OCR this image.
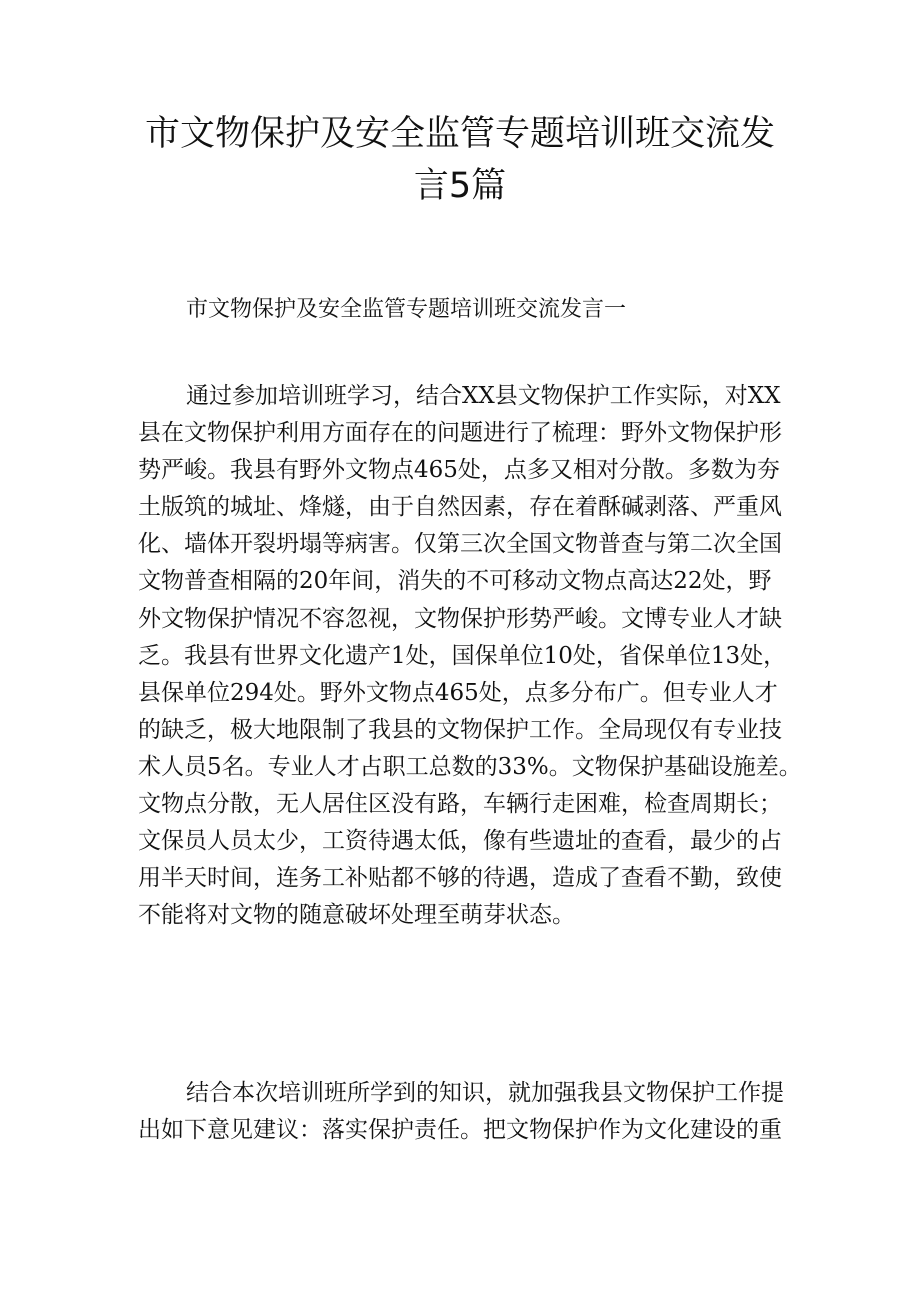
市文物保护及安全监管专题培训班交流发
言5篇
市文物保护及安全监管专题培训班交流发言一
通过参加培训班学习，结合XX县文物保护工作实际，对XX
县在文物保护利用方面存在的问题进行了梳理：野外文物保护形
势严峻。我县有野外文物点465处，点多又相对分散。多数为夯
土版筑的城址、烽燧，由于自然因素，存在着酥碱剥落、严重风
化、墙体开裂坍塌等病害。仅第三次全国文物普查与第二次全国
文物普查相隔的20年间，消失的不可移动文物点高达22处，野
外文物保护情况不容忽视，文物保护形势严峻。文博专业人才缺
乏。我县有世界文化遗产1处，国保单位10处，省保单位13处，
县保单位294处。野外文物点465处，点多分布广。但专业人才
的缺乏，极大地限制了我县的文物保护工作。全局现仅有专业技
术人员5名。专业人才占职工总数的33%。文物保护基础设施差。
文物点分散，无人居住区没有路，车辆行走困难，检查周期长；
文保员人员太少，工资待遇太低，像有些遗址的查看，最少的占
用半天时间，连务工补贴都不够的待遇，造成了查看不勤，致使
不能将对文物的随意破坏处理至萌芽状态。
结合本次培训班所学到的知识，就加强我县文物保护工作提
出如下意见建议：落实保护责任。把文物保护作为文化建设的重
